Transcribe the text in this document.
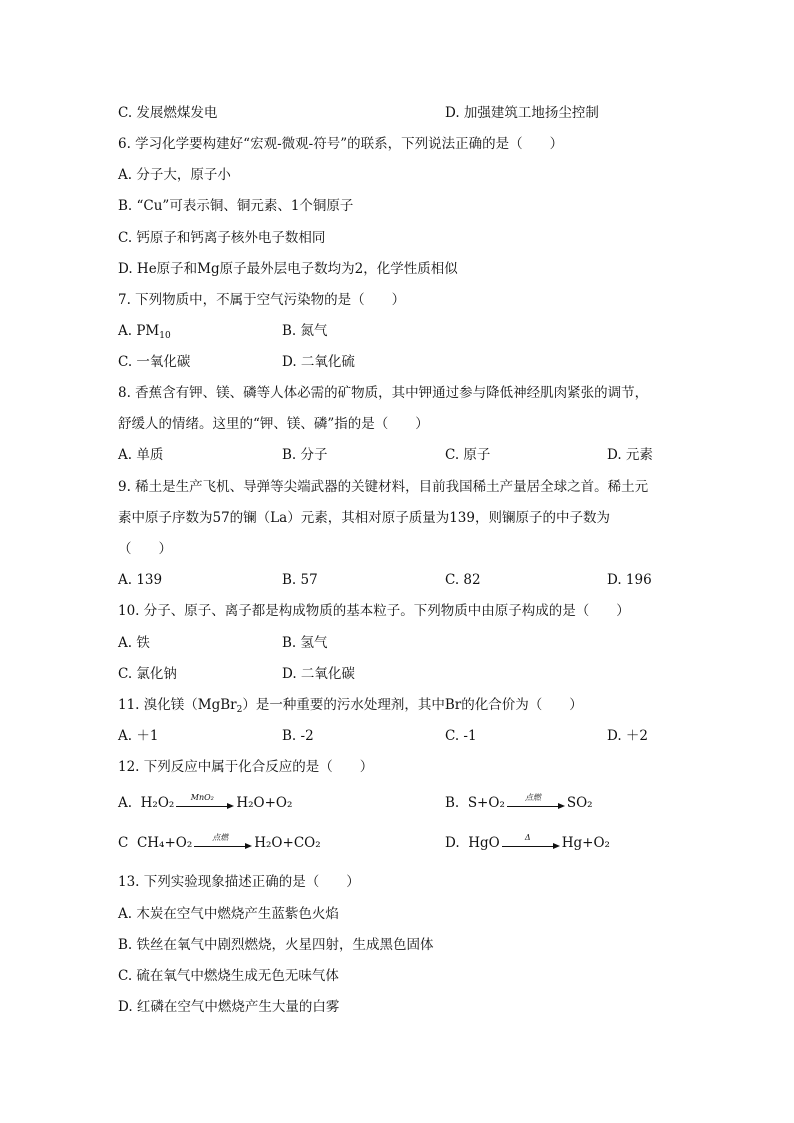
C. 发展燃煤发电	D. 加强建筑工地扬尘控制
6. 学习化学要构建好“宏观-微观-符号”的联系，下列说法正确的是（　　）
A. 分子大，原子小
B. “Cu”可表示铜、铜元素、1个铜原子
C. 钙原子和钙离子核外电子数相同
D. He原子和Mg原子最外层电子数均为2，化学性质相似
7. 下列物质中，不属于空气污染物的是（　　）
A. $PM_{10}$	B. 氮气
C. 一氧化碳	D. 二氧化硫
8. 香蕉含有钾、镁、磷等人体必需的矿物质，其中钾通过参与降低神经肌肉紧张的调节，
舒缓人的情绪。这里的“钾、镁、磷”指的是（　　）
A. 单质	B. 分子	C. 原子	D. 元素
9. 稀土是生产飞机、导弹等尖端武器的关键材料，目前我国稀土产量居全球之首。稀土元
素中原子序数为57的镧（La）元素，其相对原子质量为139，则镧原子的中子数为
（　　）
A. 139	B. 57	C. 82	D. 196
10. 分子、原子、离子都是构成物质的基本粒子。下列物质中由原子构成的是（　　）
A. 铁	B. 氢气
C. 氯化钠	D. 二氧化碳
11. 溴化镁（MgBr$_2$）是一种重要的污水处理剂，其中Br的化合价为（　　）
A. ＋1	B. -2	C. -1	D. ＋2
12. 下列反应中属于化合反应的是（　　）
A. H₂O₂	MnO₂	H₂O+O₂	B. S+O₂	点燃	SO₂
C CH₄+O₂	点燃	H₂O+CO₂	D. HgO	Δ	Hg+O₂
13. 下列实验现象描述正确的是（　　）
A. 木炭在空气中燃烧产生蓝紫色火焰
B. 铁丝在氧气中剧烈燃烧，火星四射，生成黑色固体
C. 硫在氧气中燃烧生成无色无味气体
D. 红磷在空气中燃烧产生大量的白雾
